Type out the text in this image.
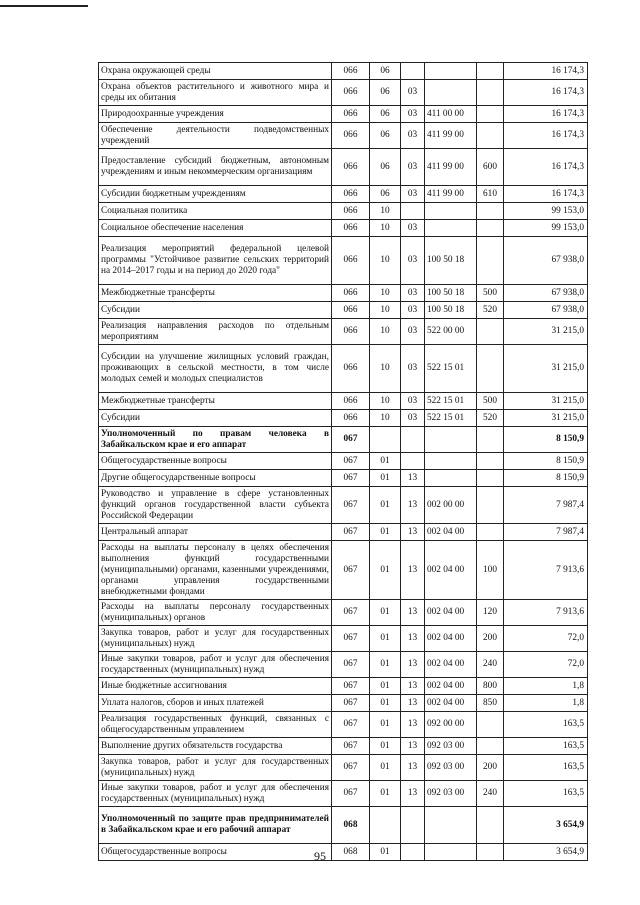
Охрана окружающей среды	066	06				16 174,3
Охрана объектов растительного и животного мира и среды их обитания	066	06	03			16 174,3
Природоохранные учреждения	066	06	03	411 00 00		16 174,3
Обеспечение деятельности подведомственных учреждений	066	06	03	411 99 00		16 174,3
Предоставление субсидий бюджетным, автономным учреждениям и иным некоммерческим организациям	066	06	03	411 99 00	600	16 174,3
Субсидии бюджетным учреждениям	066	06	03	411 99 00	610	16 174,3
Социальная политика	066	10				99 153,0
Социальное обеспечение населения	066	10	03			99 153,0
Реализация мероприятий федеральной целевой программы "Устойчивое развитие сельских территорий на 2014–2017 годы и на период до 2020 года"	066	10	03	100 50 18		67 938,0
Межбюджетные трансферты	066	10	03	100 50 18	500	67 938,0
Субсидии	066	10	03	100 50 18	520	67 938,0
Реализация направления расходов по отдельным мероприятиям	066	10	03	522 00 00		31 215,0
Субсидии на улучшение жилищных условий граждан, проживающих в сельской местности, в том числе молодых семей и молодых специалистов	066	10	03	522 15 01		31 215,0
Межбюджетные трансферты	066	10	03	522 15 01	500	31 215,0
Субсидии	066	10	03	522 15 01	520	31 215,0
Уполномоченный по правам человека в Забайкальском крае и его аппарат	067					8 150,9
Общегосударственные вопросы	067	01				8 150,9
Другие общегосударственные вопросы	067	01	13			8 150,9
Руководство и управление в сфере установленных функций органов государственной власти субъекта Российской Федерации	067	01	13	002 00 00		7 987,4
Центральный аппарат	067	01	13	002 04 00		7 987,4
Расходы на выплаты персоналу в целях обеспечения выполнения функций государственными (муниципальными) органами, казенными учреждениями, органами управления государственными внебюджетными фондами	067	01	13	002 04 00	100	7 913,6
Расходы на выплаты персоналу государственных (муниципальных) органов	067	01	13	002 04 00	120	7 913,6
Закупка товаров, работ и услуг для государственных (муниципальных) нужд	067	01	13	002 04 00	200	72,0
Иные закупки товаров, работ и услуг для обеспечения государственных (муниципальных) нужд	067	01	13	002 04 00	240	72,0
Иные бюджетные ассигнования	067	01	13	002 04 00	800	1,8
Уплата налогов, сборов и иных платежей	067	01	13	002 04 00	850	1,8
Реализация государственных функций, связанных с общегосударственным управлением	067	01	13	092 00 00		163,5
Выполнение других обязательств государства	067	01	13	092 03 00		163,5
Закупка товаров, работ и услуг для государственных (муниципальных) нужд	067	01	13	092 03 00	200	163,5
Иные закупки товаров, работ и услуг для обеспечения государственных (муниципальных) нужд	067	01	13	092 03 00	240	163,5
Уполномоченный по защите прав предпринимателей в Забайкальском крае и его рабочий аппарат	068					3 654,9
Общегосударственные вопросы	068	01				3 654,9
95
